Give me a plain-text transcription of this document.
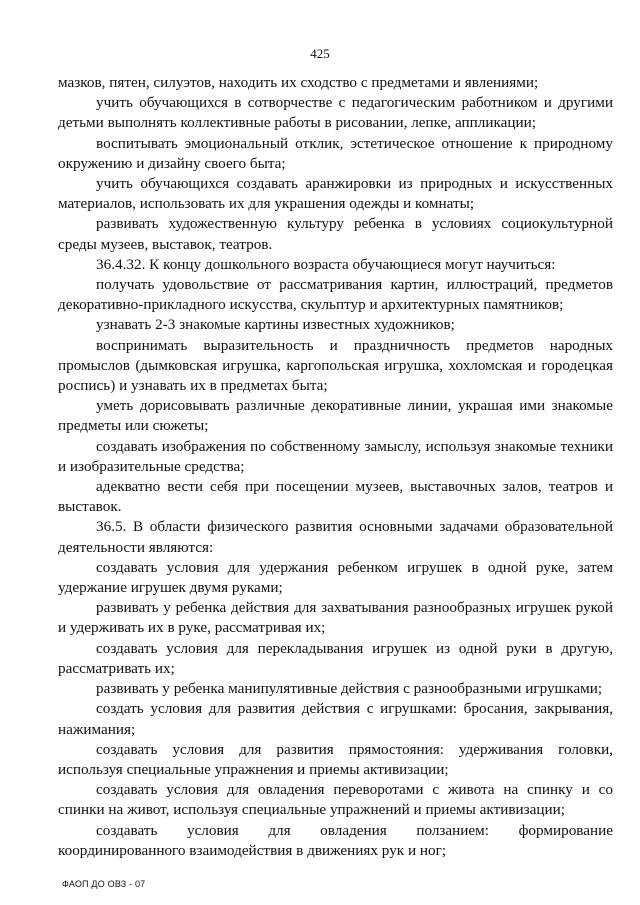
425

мазков, пятен, силуэтов, находить их сходство с предметами и явлениями;

учить обучающихся в сотворчестве с педагогическим работником и другими детьми выполнять коллективные работы в рисовании, лепке, аппликации;

воспитывать эмоциональный отклик, эстетическое отношение к природному окружению и дизайну своего быта;

учить обучающихся создавать аранжировки из природных и искусственных материалов, использовать их для украшения одежды и комнаты;

развивать художественную культуру ребенка в условиях социокультурной среды музеев, выставок, театров.

36.4.32. К концу дошкольного возраста обучающиеся могут научиться:

получать удовольствие от рассматривания картин, иллюстраций, предметов декоративно-прикладного искусства, скульптур и архитектурных памятников;

узнавать 2-3 знакомые картины известных художников;

воспринимать выразительность и праздничность предметов народных промыслов (дымковская игрушка, каргопольская игрушка, хохломская и городецкая роспись) и узнавать их в предметах быта;

уметь дорисовывать различные декоративные линии, украшая ими знакомые предметы или сюжеты;

создавать изображения по собственному замыслу, используя знакомые техники и изобразительные средства;

адекватно вести себя при посещении музеев, выставочных залов, театров и выставок.

36.5. В области физического развития основными задачами образовательной деятельности являются:

создавать условия для удержания ребенком игрушек в одной руке, затем удержание игрушек двумя руками;

развивать у ребенка действия для захватывания разнообразных игрушек рукой и удерживать их в руке, рассматривая их;

создавать условия для перекладывания игрушек из одной руки в другую, рассматривать их;

развивать у ребенка манипулятивные действия с разнообразными игрушками;

создать условия для развития действия с игрушками: бросания, закрывания, нажимания;

создавать условия для развития прямостояния: удерживания головки, используя специальные упражнения и приемы активизации;

создавать условия для овладения переворотами с живота на спинку и со спинки на живот, используя специальные упражнений и приемы активизации;

создавать условия для овладения ползанием: формирование координированного взаимодействия в движениях рук и ног;

ФАОП ДО ОВЗ - 07
